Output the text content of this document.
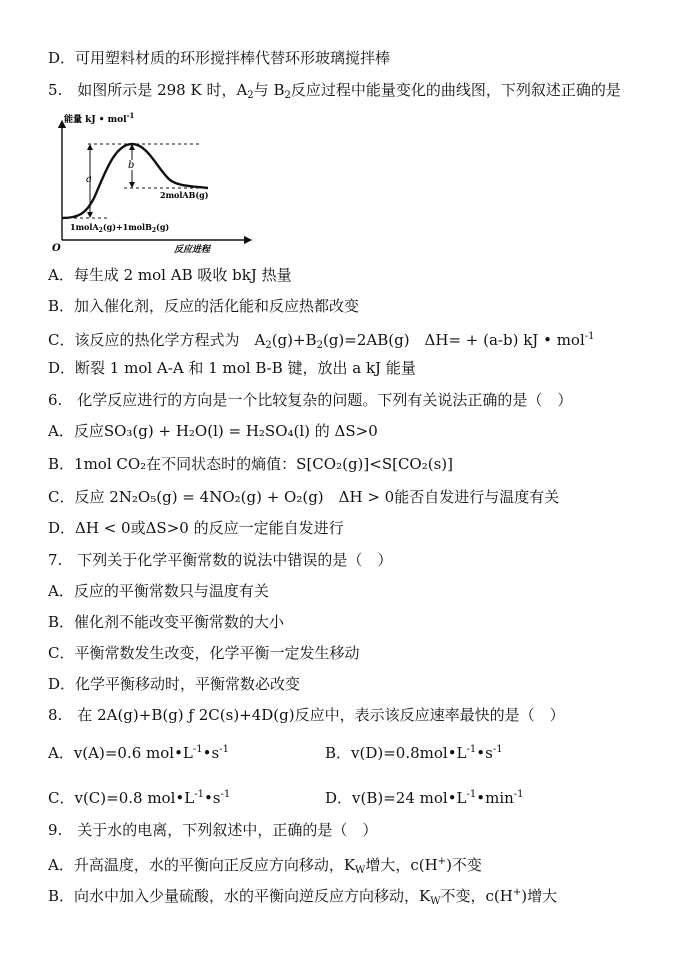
D．可用塑料材质的环形搅拌棒代替环形玻璃搅拌棒
5.　如图所示是 298 K 时，$A_2$与 $B_2$反应过程中能量变化的曲线图，下列叙述正确的是
能量 kJ • mol$^{-1}$
反应进程
O
a
b
2molAB(g)
1molA$_2$(g)+1molB$_2$(g)
A．每生成 2 mol AB 吸收 bkJ 热量
B．加入催化剂，反应的活化能和反应热都改变
C．该反应的热化学方程式为　$A_2(g)+B_2(g)=2AB(g)$　ΔH= + (a-b) kJ • mol$^{-1}$
D．断裂 1 mol A-A 和 1 mol B-B 键，放出 a kJ 能量
6.　化学反应进行的方向是一个比较复杂的问题。下列有关说法正确的是（　）
A．反应SO₃(g) + H₂O(l) = H₂SO₄(l) 的 ΔS>0
B．1mol CO₂在不同状态时的熵值：S[CO₂(g)]<S[CO₂(s)]
C．反应 2N₂O₅(g) = 4NO₂(g) + O₂(g)　ΔH > 0能否自发进行与温度有关
D．ΔH < 0或ΔS>0 的反应一定能自发进行
7.　下列关于化学平衡常数的说法中错误的是（　）
A．反应的平衡常数只与温度有关
B．催化剂不能改变平衡常数的大小
C．平衡常数发生改变，化学平衡一定发生移动
D．化学平衡移动时，平衡常数必改变
8.　在 2A(g)+B(g) ƒ 2C(s)+4D(g)反应中，表示该反应速率最快的是（　）
A．v(A)=0.6 $mol•L^{-1}•s^{-1}$	B．$v(D)=0.8mol•L^{-1}•s^{-1}$
C．v(C)=0.8 $mol•L^{-1}•s^{-1}$	D．v(B)=24 $mol•L^{-1}•\min^{-1}$
9.　关于水的电离，下列叙述中，正确的是（　）
A．升高温度，水的平衡向正反应方向移动，$K_W$增大，c(H+)不变
B．向水中加入少量硫酸，水的平衡向逆反应方向移动，$K_W$不变，c(H+)增大
